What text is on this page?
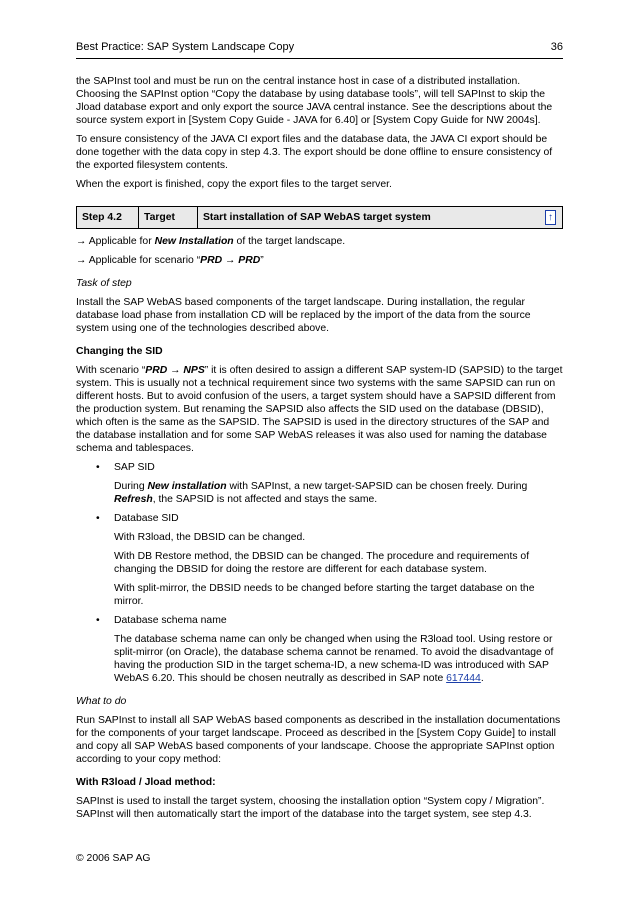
Best Practice: SAP System Landscape Copy	36

the SAPInst tool and must be run on the central instance host in case of a distributed installation. Choosing the SAPInst option “Copy the database by using database tools”, will tell SAPInst to skip the Jload database export and only export the source JAVA central instance. See the descriptions about the source system export in [System Copy Guide - JAVA for 6.40] or [System Copy Guide for NW 2004s].

To ensure consistency of the JAVA CI export files and the database data, the JAVA CI export should be done together with the data copy in step 4.3. The export should be done offline to ensure consistency of the exported filesystem contents.

When the export is finished, copy the export files to the target server.

Step 4.2	Target	Start installation of SAP WebAS target system	↑

→ Applicable for New Installation of the target landscape.

→ Applicable for scenario “PRD → PRD”

Task of step

Install the SAP WebAS based components of the target landscape. During installation, the regular database load phase from installation CD will be replaced by the import of the data from the source system using one of the technologies described above.

Changing the SID

With scenario “PRD → NPS” it is often desired to assign a different SAP system-ID (SAPSID) to the target system. This is usually not a technical requirement since two systems with the same SAPSID can run on different hosts. But to avoid confusion of the users, a target system should have a SAPSID different from the production system. But renaming the SAPSID also affects the SID used on the database (DBSID), which often is the same as the SAPSID. The SAPSID is used in the directory structures of the SAP and the database installation and for some SAP WebAS releases it was also used for naming the database schema and tablespaces.

• SAP SID

During New installation with SAPInst, a new target-SAPSID can be chosen freely. During Refresh, the SAPSID is not affected and stays the same.

• Database SID

With R3load, the DBSID can be changed.

With DB Restore method, the DBSID can be changed. The procedure and requirements of changing the DBSID for doing the restore are different for each database system.

With split-mirror, the DBSID needs to be changed before starting the target database on the mirror.

• Database schema name

The database schema name can only be changed when using the R3load tool. Using restore or split-mirror (on Oracle), the database schema cannot be renamed. To avoid the disadvantage of having the production SID in the target schema-ID, a new schema-ID was introduced with SAP WebAS 6.20. This should be chosen neutrally as described in SAP note 617444.

What to do

Run SAPInst to install all SAP WebAS based components as described in the installation documentations for the components of your target landscape. Proceed as described in the [System Copy Guide] to install and copy all SAP WebAS based components of your landscape. Choose the appropriate SAPInst option according to your copy method:

With R3load / Jload method:

SAPInst is used to install the target system, choosing the installation option “System copy / Migration”. SAPInst will then automatically start the import of the database into the target system, see step 4.3.

© 2006 SAP AG
